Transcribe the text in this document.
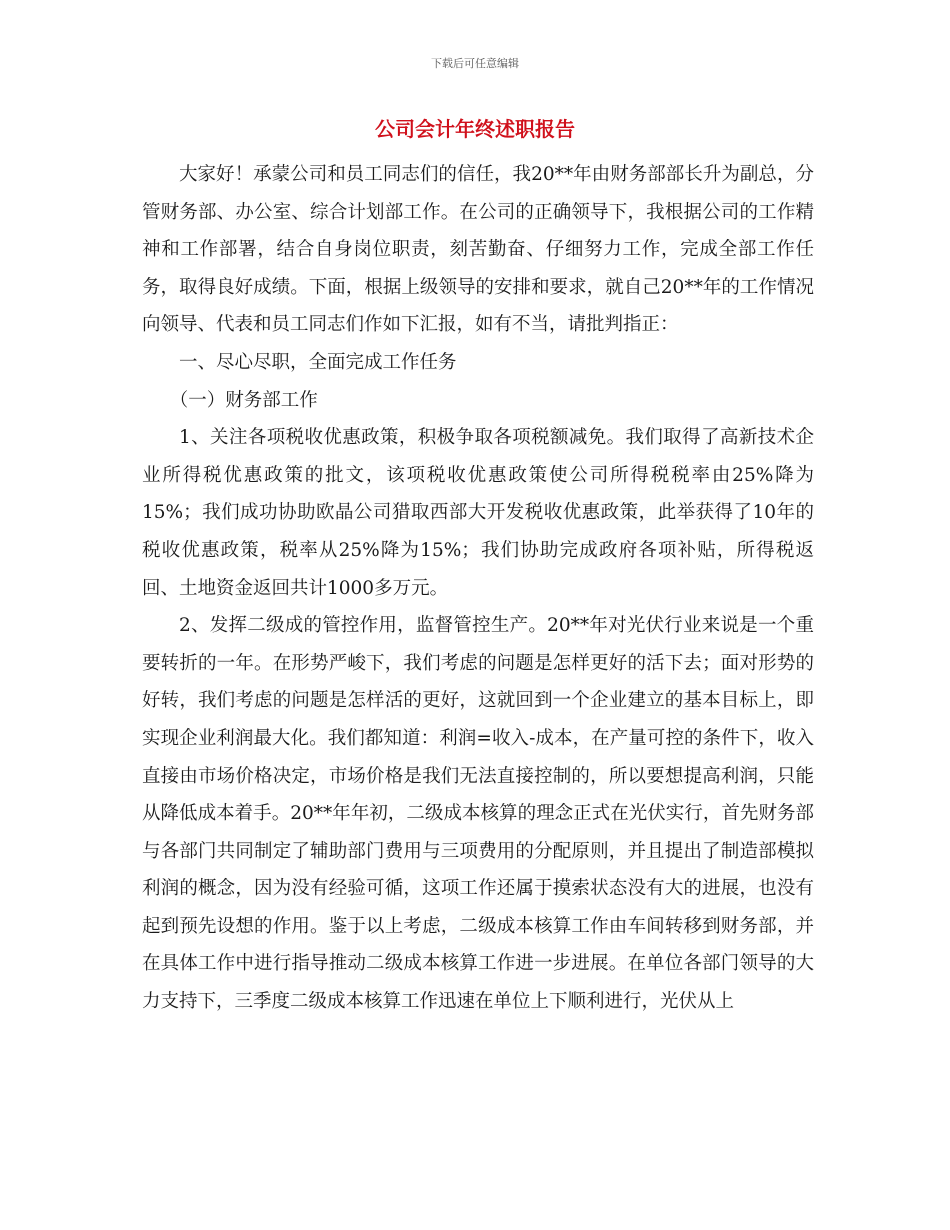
下载后可任意编辑
公司会计年终述职报告

大家好！承蒙公司和员工同志们的信任，我20**年由财务部部长升为副总，分管财务部、办公室、综合计划部工作。在公司的正确领导下，我根据公司的工作精神和工作部署，结合自身岗位职责，刻苦勤奋、仔细努力工作，完成全部工作任务，取得良好成绩。下面，根据上级领导的安排和要求，就自己20**年的工作情况向领导、代表和员工同志们作如下汇报，如有不当，请批判指正：

一、尽心尽职，全面完成工作任务

（一）财务部工作

1、关注各项税收优惠政策，积极争取各项税额减免。我们取得了高新技术企业所得税优惠政策的批文，该项税收优惠政策使公司所得税税率由25%降为15%；我们成功协助欧晶公司猎取西部大开发税收优惠政策，此举获得了10年的税收优惠政策，税率从25%降为15%；我们协助完成政府各项补贴，所得税返回、土地资金返回共计1000多万元。

2、发挥二级成的管控作用，监督管控生产。20**年对光伏行业来说是一个重要转折的一年。在形势严峻下，我们考虑的问题是怎样更好的活下去；面对形势的好转，我们考虑的问题是怎样活的更好，这就回到一个企业建立的基本目标上，即实现企业利润最大化。我们都知道：利润=收入-成本，在产量可控的条件下，收入直接由市场价格决定，市场价格是我们无法直接控制的，所以要想提高利润，只能从降低成本着手。20**年年初，二级成本核算的理念正式在光伏实行，首先财务部与各部门共同制定了辅助部门费用与三项费用的分配原则，并且提出了制造部模拟利润的概念，因为没有经验可循，这项工作还属于摸索状态没有大的进展，也没有起到预先设想的作用。鉴于以上考虑，二级成本核算工作由车间转移到财务部，并在具体工作中进行指导推动二级成本核算工作进一步进展。在单位各部门领导的大力支持下，三季度二级成本核算工作迅速在单位上下顺利进行，光伏从上
